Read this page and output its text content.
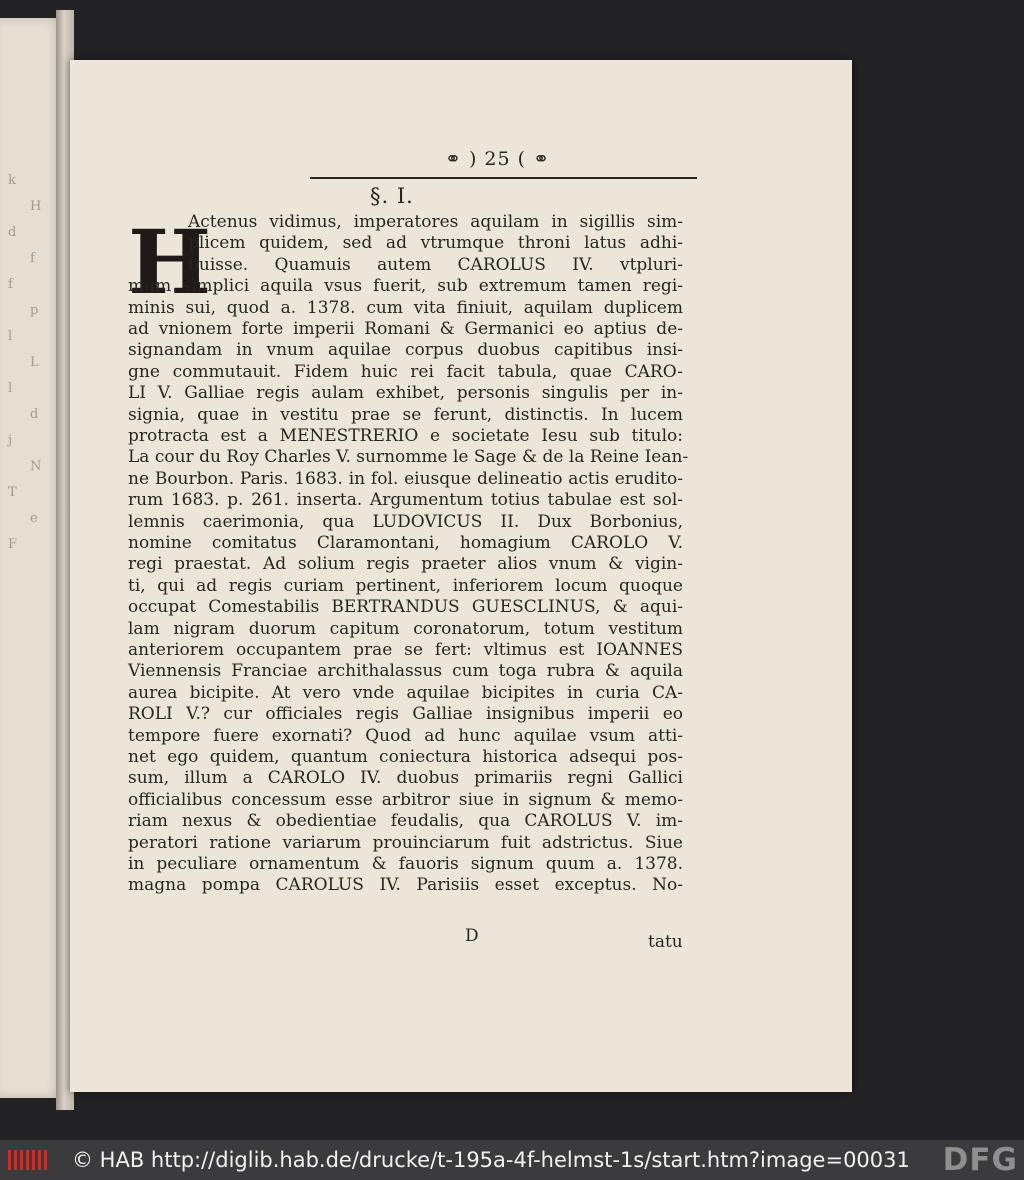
k
H
d
f
f
p
l
L
l
d
j
N
T
e
F
⚭ ) 25 ( ⚭
§. I.
H
Actenus vidimus, imperatores aquilam in sigillis sim-
plicem quidem, sed ad vtrumque throni latus adhi-
buisse. Quamuis autem CAROLUS IV. vtpluri-
mum simplici aquila vsus fuerit, sub extremum tamen regi-
minis sui, quod a. 1378. cum vita finiuit, aquilam duplicem
ad vnionem forte imperii Romani & Germanici eo aptius de-
signandam in vnum aquilae corpus duobus capitibus insi-
gne commutauit. Fidem huic rei facit tabula, quae CARO-
LI V. Galliae regis aulam exhibet, personis singulis per in-
signia, quae in vestitu prae se ferunt, distinctis. In lucem
protracta est a MENESTRERIO e societate Iesu sub titulo:
La cour du Roy Charles V. surnomme le Sage & de la Reine Iean-
ne Bourbon. Paris. 1683. in fol. eiusque delineatio actis erudito-
rum 1683. p. 261. inserta. Argumentum totius tabulae est sol-
lemnis caerimonia, qua LUDOVICUS II. Dux Borbonius,
nomine comitatus Claramontani, homagium CAROLO V.
regi praestat. Ad solium regis praeter alios vnum & vigin-
ti, qui ad regis curiam pertinent, inferiorem locum quoque
occupat Comestabilis BERTRANDUS GUESCLINUS, & aqui-
lam nigram duorum capitum coronatorum, totum vestitum
anteriorem occupantem prae se fert: vltimus est IOANNES
Viennensis Franciae archithalassus cum toga rubra & aquila
aurea bicipite. At vero vnde aquilae bicipites in curia CA-
ROLI V.? cur officiales regis Galliae insignibus imperii eo
tempore fuere exornati? Quod ad hunc aquilae vsum atti-
net ego quidem, quantum coniectura historica adsequi pos-
sum, illum a CAROLO IV. duobus primariis regni Gallici
officialibus concessum esse arbitror siue in signum & memo-
riam nexus & obedientiae feudalis, qua CAROLUS V. im-
peratori ratione variarum prouinciarum fuit adstrictus. Siue
in peculiare ornamentum & fauoris signum quum a. 1378.
magna pompa CAROLUS IV. Parisiis esset exceptus. No-
D	tatu
© HAB http://diglib.hab.de/drucke/t-195a-4f-helmst-1s/start.htm?image=00031 DFG
